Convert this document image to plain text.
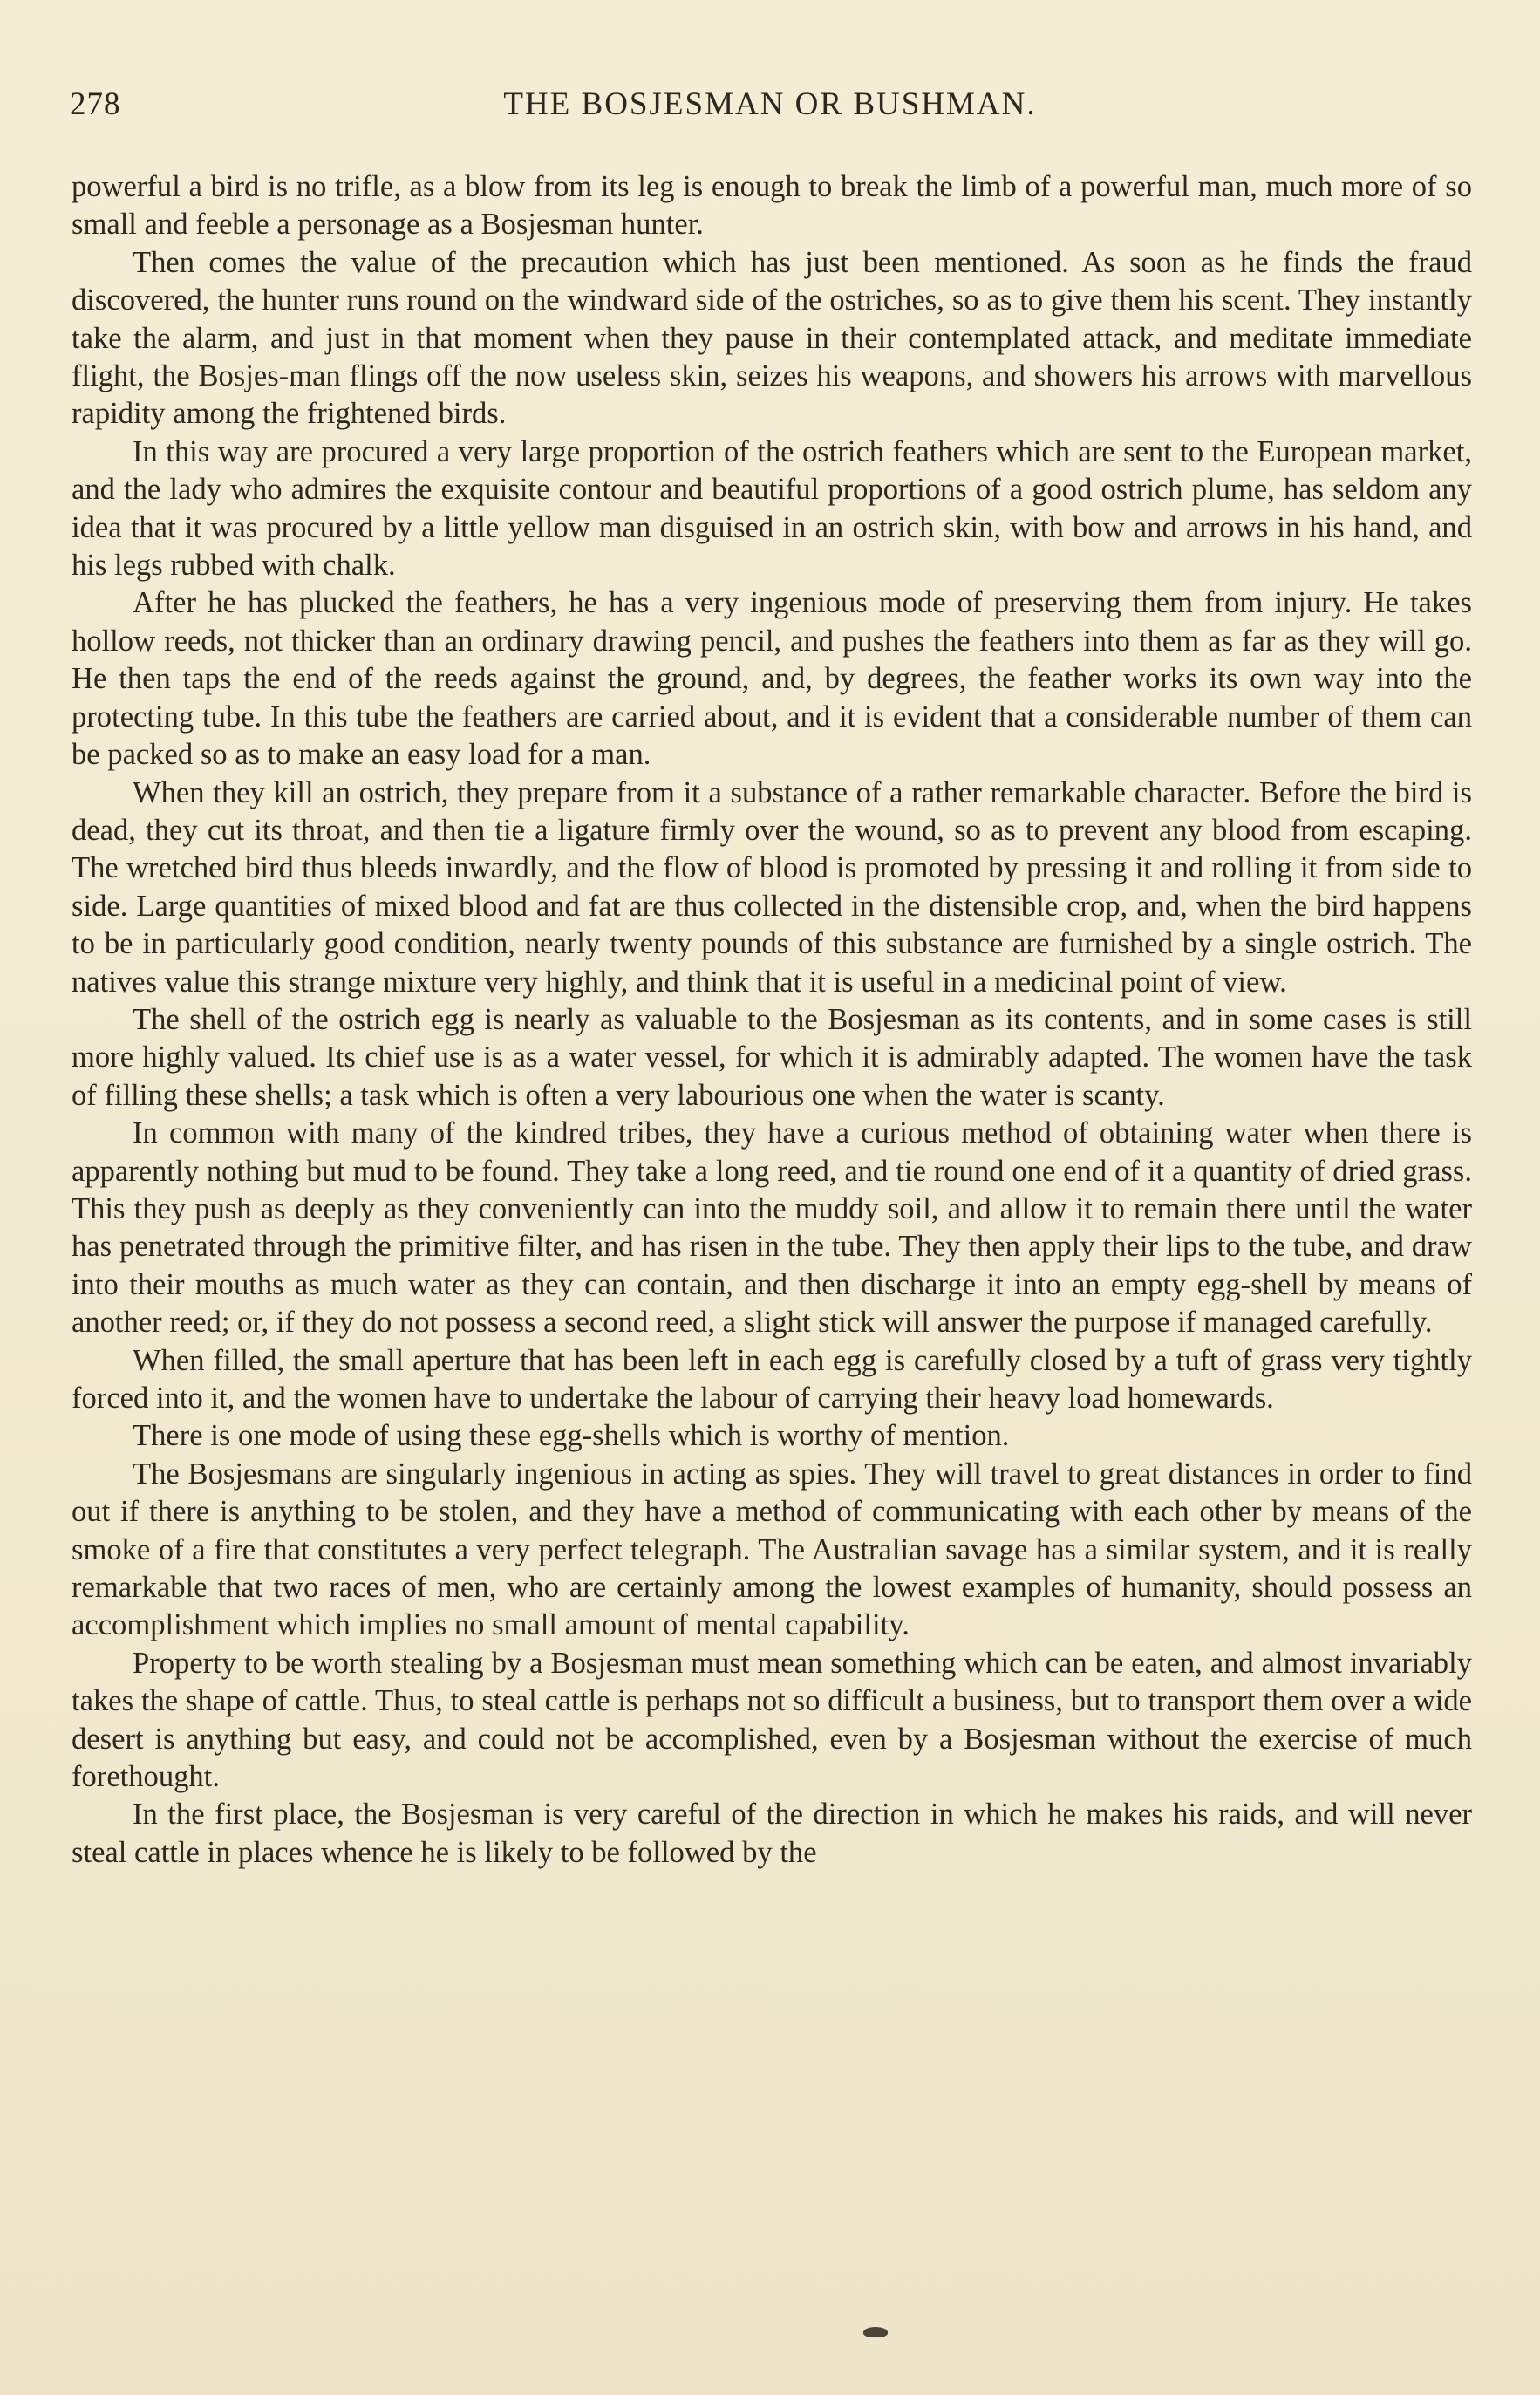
278	THE BOSJESMAN OR BUSHMAN.

powerful a bird is no trifle, as a blow from its leg is enough to break the limb of a powerful man, much more of so small and feeble a personage as a Bosjesman hunter.

Then comes the value of the precaution which has just been mentioned. As soon as he finds the fraud discovered, the hunter runs round on the windward side of the ostriches, so as to give them his scent. They instantly take the alarm, and just in that moment when they pause in their contemplated attack, and meditate immediate flight, the Bosjes-man flings off the now useless skin, seizes his weapons, and showers his arrows with marvellous rapidity among the frightened birds.

In this way are procured a very large proportion of the ostrich feathers which are sent to the European market, and the lady who admires the exquisite contour and beautiful proportions of a good ostrich plume, has seldom any idea that it was procured by a little yellow man disguised in an ostrich skin, with bow and arrows in his hand, and his legs rubbed with chalk.

After he has plucked the feathers, he has a very ingenious mode of preserving them from injury. He takes hollow reeds, not thicker than an ordinary drawing pencil, and pushes the feathers into them as far as they will go. He then taps the end of the reeds against the ground, and, by degrees, the feather works its own way into the protecting tube. In this tube the feathers are carried about, and it is evident that a considerable number of them can be packed so as to make an easy load for a man.

When they kill an ostrich, they prepare from it a substance of a rather remarkable character. Before the bird is dead, they cut its throat, and then tie a ligature firmly over the wound, so as to prevent any blood from escaping. The wretched bird thus bleeds inwardly, and the flow of blood is promoted by pressing it and rolling it from side to side. Large quantities of mixed blood and fat are thus collected in the distensible crop, and, when the bird happens to be in particularly good condition, nearly twenty pounds of this substance are furnished by a single ostrich. The natives value this strange mixture very highly, and think that it is useful in a medicinal point of view.

The shell of the ostrich egg is nearly as valuable to the Bosjesman as its contents, and in some cases is still more highly valued. Its chief use is as a water vessel, for which it is admirably adapted. The women have the task of filling these shells; a task which is often a very labourious one when the water is scanty.

In common with many of the kindred tribes, they have a curious method of obtaining water when there is apparently nothing but mud to be found. They take a long reed, and tie round one end of it a quantity of dried grass. This they push as deeply as they conveniently can into the muddy soil, and allow it to remain there until the water has penetrated through the primitive filter, and has risen in the tube. They then apply their lips to the tube, and draw into their mouths as much water as they can contain, and then discharge it into an empty egg-shell by means of another reed; or, if they do not possess a second reed, a slight stick will answer the purpose if managed carefully.

When filled, the small aperture that has been left in each egg is carefully closed by a tuft of grass very tightly forced into it, and the women have to undertake the labour of carrying their heavy load homewards.

There is one mode of using these egg-shells which is worthy of mention.

The Bosjesmans are singularly ingenious in acting as spies. They will travel to great distances in order to find out if there is anything to be stolen, and they have a method of communicating with each other by means of the smoke of a fire that constitutes a very perfect telegraph. The Australian savage has a similar system, and it is really remarkable that two races of men, who are certainly among the lowest examples of humanity, should possess an accomplishment which implies no small amount of mental capability.

Property to be worth stealing by a Bosjesman must mean something which can be eaten, and almost invariably takes the shape of cattle. Thus, to steal cattle is perhaps not so difficult a business, but to transport them over a wide desert is anything but easy, and could not be accomplished, even by a Bosjesman without the exercise of much forethought.

In the first place, the Bosjesman is very careful of the direction in which he makes his raids, and will never steal cattle in places whence he is likely to be followed by the
